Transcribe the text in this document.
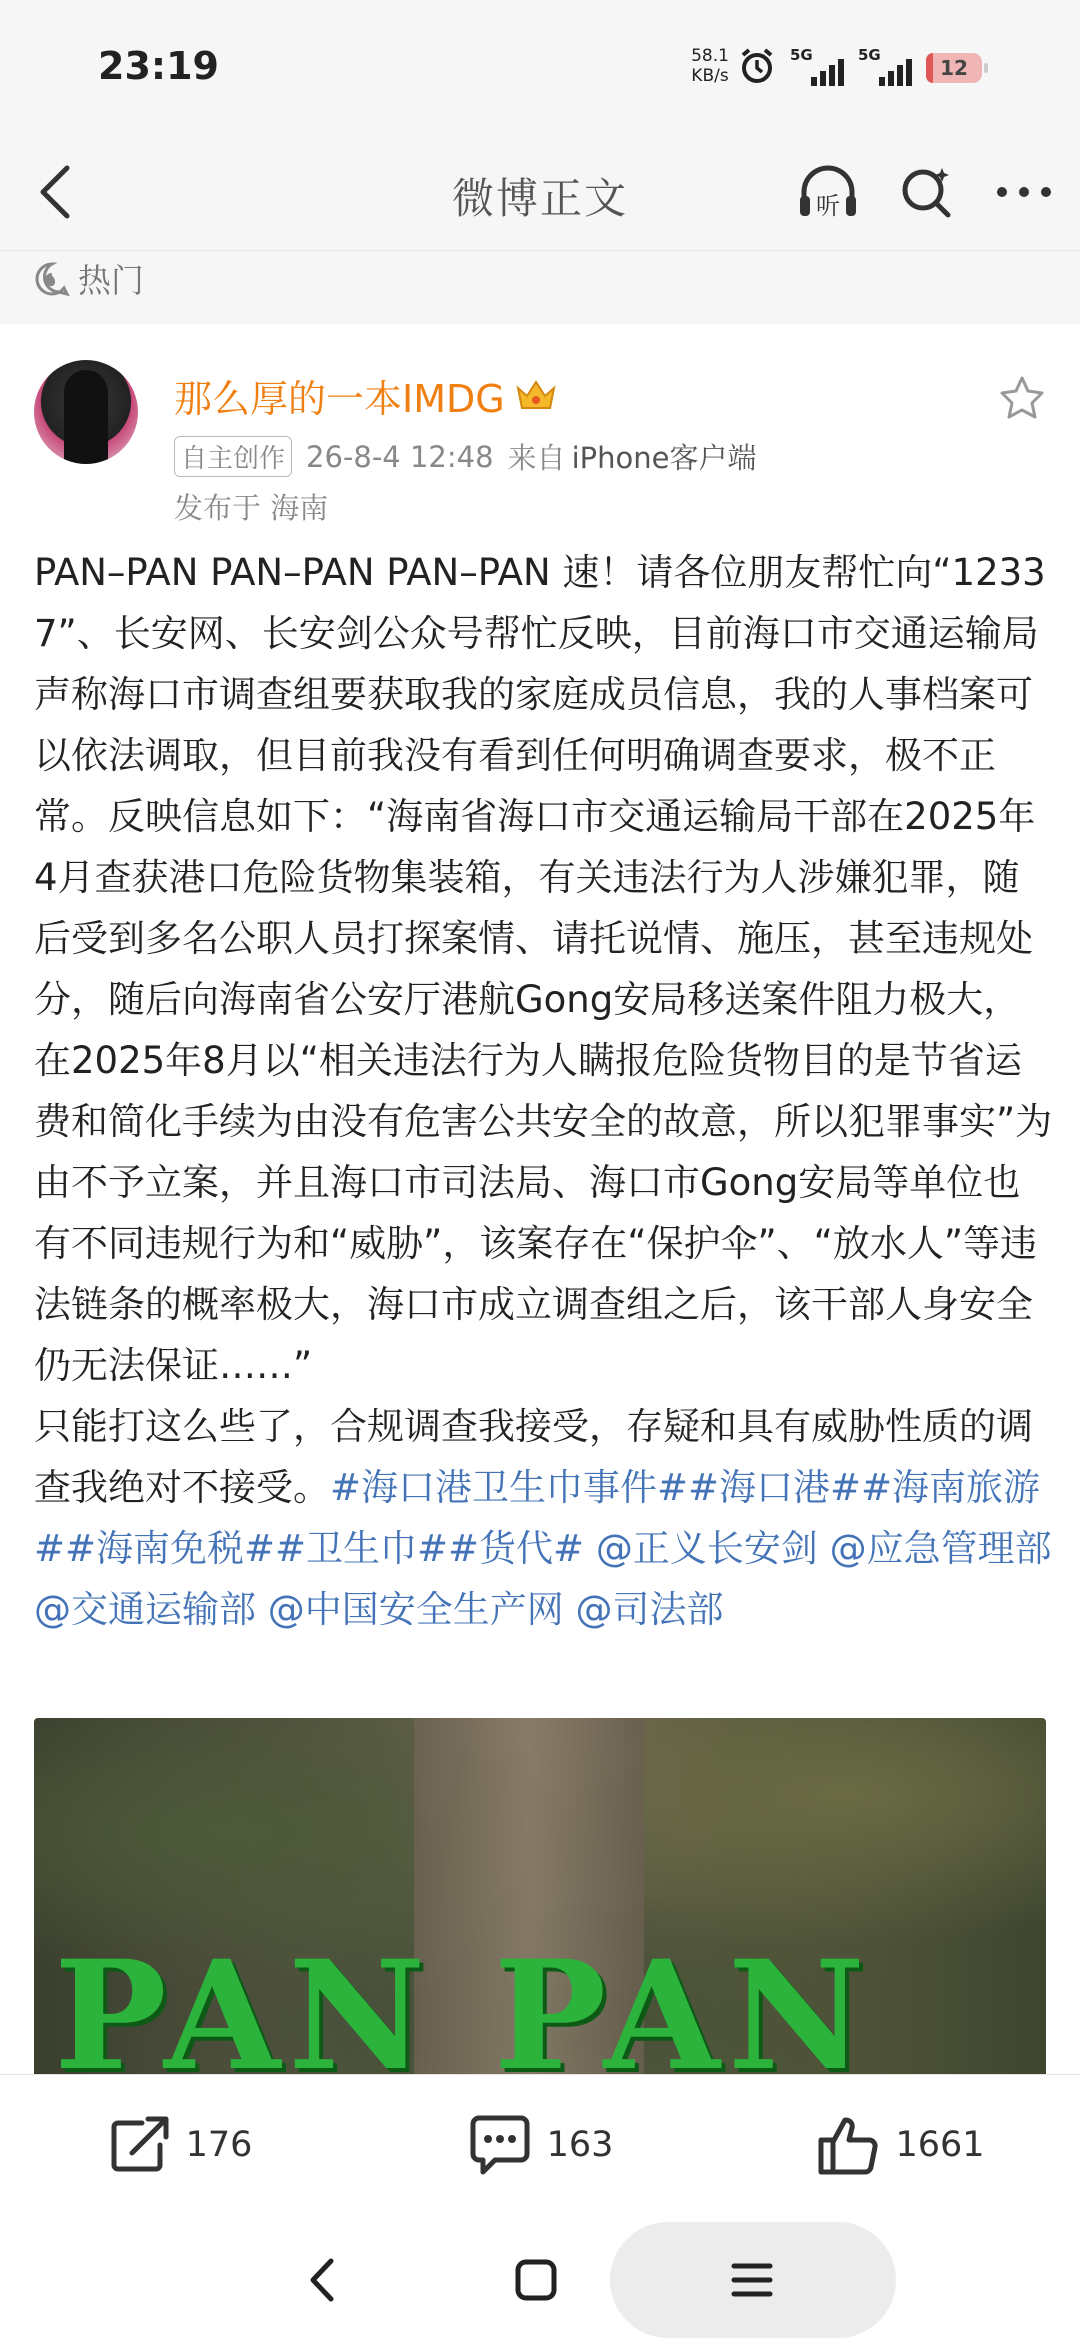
23:19	58.1
KB/s
5G	5G
12
微博正文	听
热门
那么厚的一本IMDG
自主创作 26-8-4 12:48 来自 iPhone客户端
发布于 海南

PAN–PAN PAN–PAN PAN–PAN 速！请各位朋友帮忙向“12337”、长安网、长安剑公众号帮忙反映，目前海口市交通运输局声称海口市调查组要获取我的家庭成员信息，我的人事档案可以依法调取，但目前我没有看到任何明确调查要求，极不正常。反映信息如下：“海南省海口市交通运输局干部在2025年4月查获港口危险货物集装箱，有关违法行为人涉嫌犯罪，随后受到多名公职人员打探案情、请托说情、施压，甚至违规处分，随后向海南省公安厅港航Gong安局移送案件阻力极大，在2025年8月以“相关违法行为人瞒报危险货物目的是节省运费和简化手续为由没有危害公共安全的故意，所以犯罪事实”为由不予立案，并且海口市司法局、海口市Gong安局等单位也有不同违规行为和“威胁”，该案存在“保护伞”、“放水人”等违法链条的概率极大，海口市成立调查组之后，该干部人身安全仍无法保证……”

只能打这么些了，合规调查我接受，存疑和具有威胁性质的调查我绝对不接受。#海口港卫生巾事件##海口港##海南旅游##海南免税##卫生巾##货代# @正义长安剑 @应急管理部 @交通运输部 @中国安全生产网 @司法部

PAN PAN
176	163	1661
